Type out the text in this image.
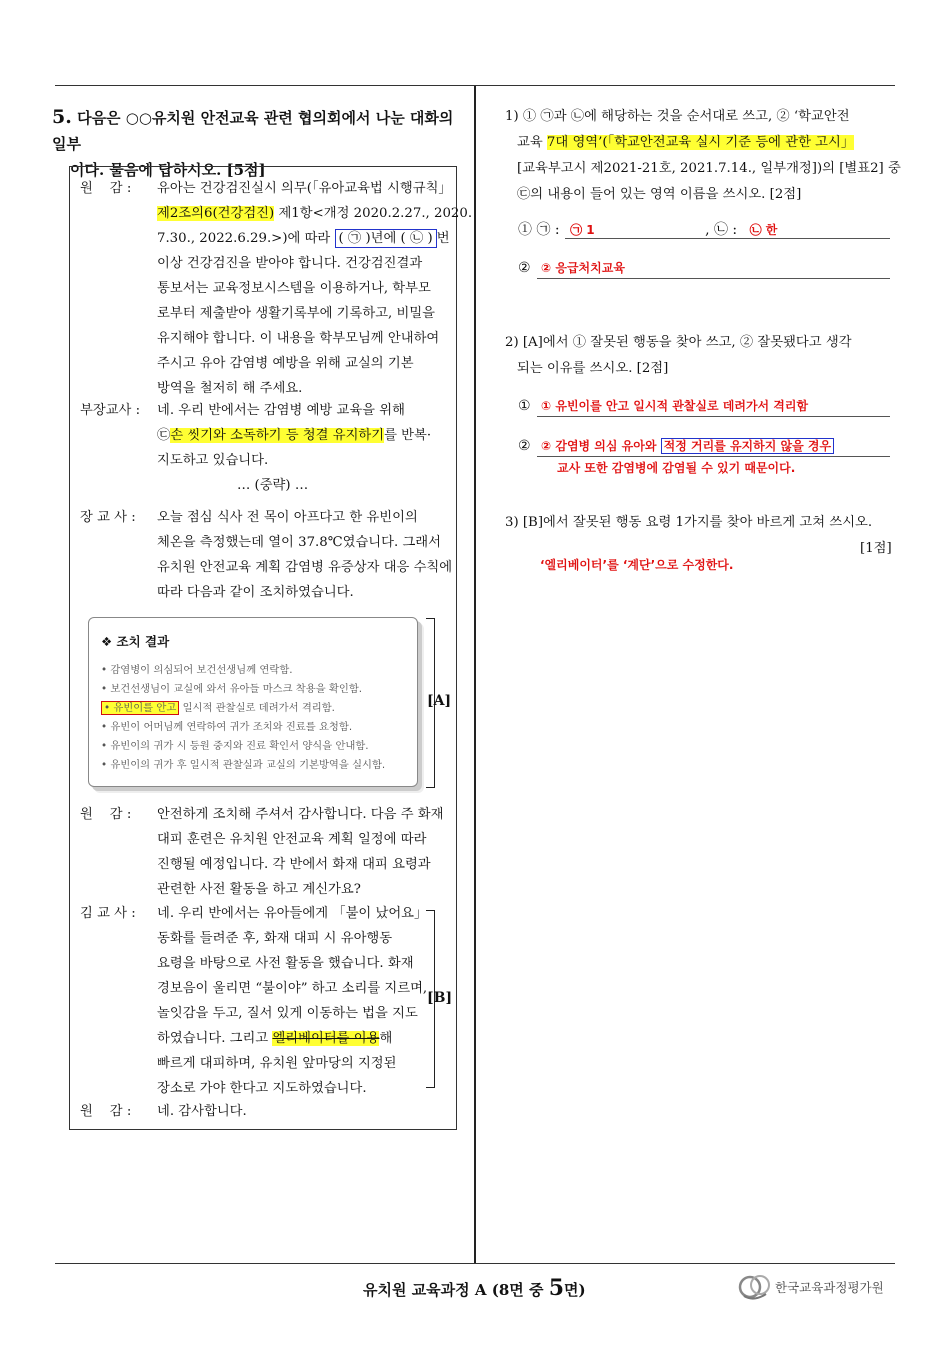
5. 다음은 ○○유치원 안전교육 관련 협의회에서 나눈 대화의 일부
이다. 물음에 답하시오. [5점]
원    감 :	유아는 건강검진실시 의무(「유아교육법 시행규칙」
제2조의6(건강검진) 제1항<개정 2020.2.27., 2020.
7.30., 2022.6.29.>)에 따라 ( ㉠ )년에 ( ㉡ ) 번
이상 건강검진을 받아야 합니다. 건강검진결과
통보서는 교육정보시스템을 이용하거나, 학부모
로부터 제출받아 생활기록부에 기록하고, 비밀을
유지해야 합니다. 이 내용을 학부모님께 안내하여
주시고 유아 감염병 예방을 위해 교실의 기본
방역을 철저히 해 주세요.
부장교사 :	네. 우리 반에서는 감염병 예방 교육을 위해
㉢손 씻기와 소독하기 등 청결 유지하기를 반복·
지도하고 있습니다.
… (중략) …
장 교 사 :	오늘 점심 식사 전 목이 아프다고 한 유빈이의
체온을 측정했는데 열이 37.8℃였습니다. 그래서
유치원 안전교육 계획 감염병 유증상자 대응 수칙에
따라 다음과 같이 조치하였습니다.
❖ 조치 결과
• 감염병이 의심되어 보건선생님께 연락함.
• 보건선생님이 교실에 와서 유아들 마스크 착용을 확인함.
• 유빈이를 안고 일시적 관찰실로 데려가서 격리함.
• 유빈이 어머님께 연락하여 귀가 조치와 진료를 요청함.
• 유빈이의 귀가 시 등원 중지와 진료 확인서 양식을 안내함.
• 유빈이의 귀가 후 일시적 관찰실과 교실의 기본방역을 실시함.
[A]
원    감 :	안전하게 조치해 주셔서 감사합니다. 다음 주 화재
대피 훈련은 유치원 안전교육 계획 일정에 따라
진행될 예정입니다. 각 반에서 화재 대피 요령과
관련한 사전 활동을 하고 계신가요?
김 교 사 :	네. 우리 반에서는 유아들에게 「불이 났어요」
동화를 들려준 후, 화재 대피 시 유아행동
요령을 바탕으로 사전 활동을 했습니다. 화재
경보음이 울리면 “불이야” 하고 소리를 지르며,
놀잇감을 두고, 질서 있게 이동하는 법을 지도
하였습니다. 그리고 엘리베이터를 이용해
빠르게 대피하며, 유치원 앞마당의 지정된
장소로 가야 한다고 지도하였습니다.
[B]
원    감 :	네. 감사합니다.
1) ① ㉠과 ㉡에 해당하는 것을 순서대로 쓰고, ② ‘학교안전
교육 7대 영역’(「학교안전교육 실시 기준 등에 관한 고시」
[교육부고시 제2021-21호, 2021.7.14., 일부개정])의 [별표2] 중
㉢의 내용이 들어 있는 영역 이름을 쓰시오. [2점]
① ㉠ : ㉠ 1	, ㉡ : ㉡ 한
② ② 응급처치교육
2) [A]에서 ① 잘못된 행동을 찾아 쓰고, ② 잘못됐다고 생각
되는 이유를 쓰시오. [2점]
① ① 유빈이를 안고 일시적 관찰실로 데려가서 격리함
② ② 감염병 의심 유아와 적정 거리를 유지하지 않을 경우
교사 또한 감염병에 감염될 수 있기 때문이다.
3) [B]에서 잘못된 행동 요령 1가지를 찾아 바르게 고쳐 쓰시오.
[1점]
‘엘리베이터’를 ‘계단’으로 수정한다.
유치원 교육과정 A (8면 중 5면)	한국교육과정평가원
